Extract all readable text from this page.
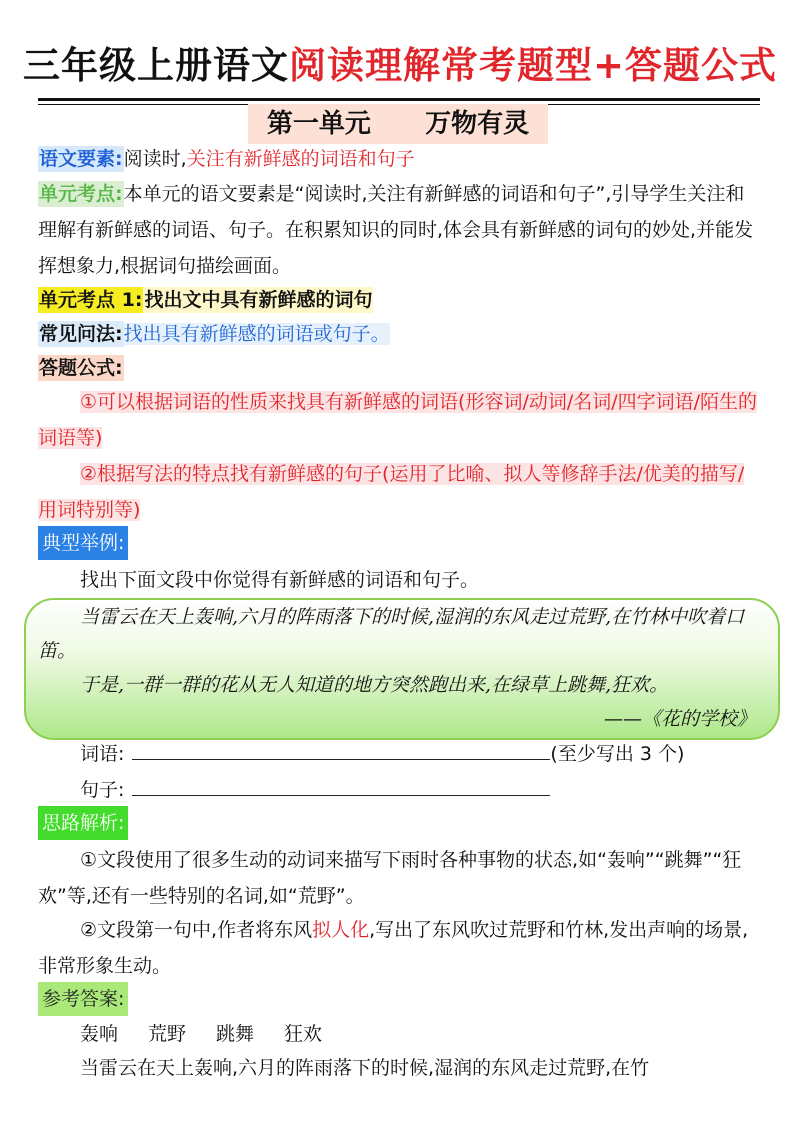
三年级上册语文阅读理解常考题型+答题公式
第一单元      万物有灵
语文要素:阅读时,关注有新鲜感的词语和句子
单元考点:本单元的语文要素是“阅读时,关注有新鲜感的词语和句子”,引导学生关注和理解有新鲜感的词语、句子。在积累知识的同时,体会具有新鲜感的词句的妙处,并能发挥想象力,根据词句描绘画面。
单元考点 1: 找出文中具有新鲜感的词句
常见问法:找出具有新鲜感的词语或句子。
答题公式:
①可以根据词语的性质来找具有新鲜感的词语(形容词/动词/名词/四字词语/陌生的词语等)
②根据写法的特点找有新鲜感的句子(运用了比喻、拟人等修辞手法/优美的描写/用词特别等)
典型举例:
找出下面文段中你觉得有新鲜感的词语和句子。
当雷云在天上轰响,六月的阵雨落下的时候,湿润的东风走过荒野,在竹林中吹着口笛。
于是,一群一群的花从无人知道的地方突然跑出来,在绿草上跳舞,狂欢。
——《花的学校》
词语:	(至少写出 3 个)
句子:
思路解析:
①文段使用了很多生动的动词来描写下雨时各种事物的状态,如“轰响”“跳舞”“狂欢”等,还有一些特别的名词,如“荒野”。
②文段第一句中,作者将东风拟人化,写出了东风吹过荒野和竹林,发出声响的场景,非常形象生动。
参考答案:
轰响 荒野 跳舞 狂欢
当雷云在天上轰响,六月的阵雨落下的时候,湿润的东风走过荒野,在竹
